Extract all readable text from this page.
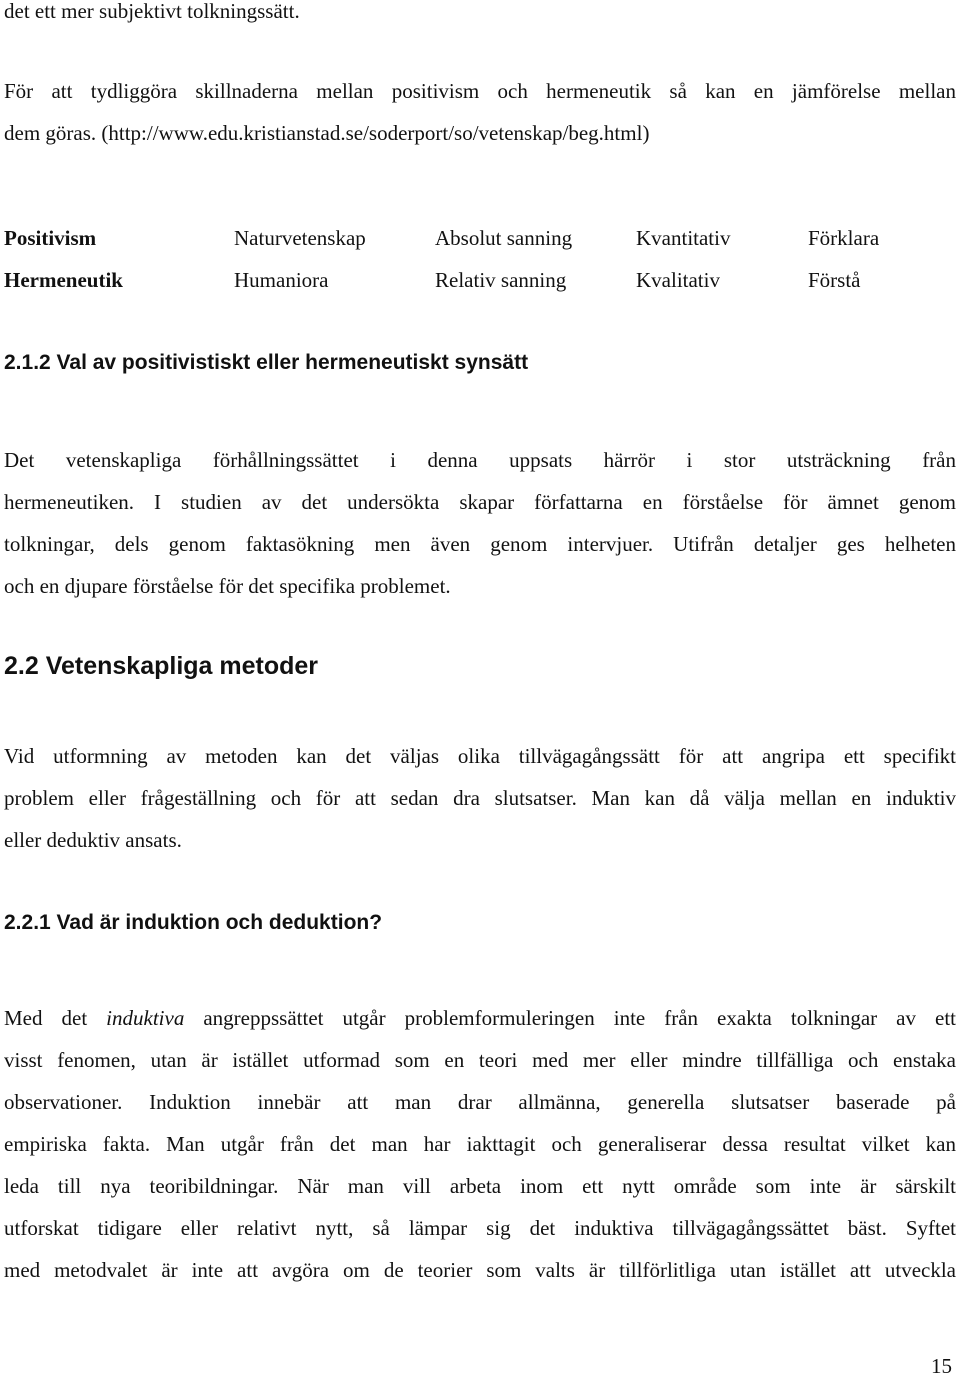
det ett mer subjektivt tolkningssätt.
För att tydliggöra skillnaderna mellan positivism och hermeneutik så kan en jämförelse mellan
dem göras. (http://www.edu.kristianstad.se/soderport/so/vetenskap/beg.html)
Positivism	Naturvetenskap	Absolut sanning	Kvantitativ	Förklara
Hermeneutik	Humaniora	Relativ sanning	Kvalitativ	Förstå
2.1.2 Val av positivistiskt eller hermeneutiskt synsätt
Det vetenskapliga förhållningssättet i denna uppsats härrör i stor utsträckning från
hermeneutiken. I studien av det undersökta skapar författarna en förståelse för ämnet genom
tolkningar, dels genom faktasökning men även genom intervjuer. Utifrån detaljer ges helheten
och en djupare förståelse för det specifika problemet.
2.2 Vetenskapliga metoder
Vid utformning av metoden kan det väljas olika tillvägagångssätt för att angripa ett specifikt
problem eller frågeställning och för att sedan dra slutsatser. Man kan då välja mellan en induktiv
eller deduktiv ansats.
2.2.1 Vad är induktion och deduktion?
Med det induktiva angreppssättet utgår problemformuleringen inte från exakta tolkningar av ett
visst fenomen, utan är istället utformad som en teori med mer eller mindre tillfälliga och enstaka
observationer. Induktion innebär att man drar allmänna, generella slutsatser baserade på
empiriska fakta. Man utgår från det man har iakttagit och generaliserar dessa resultat vilket kan
leda till nya teoribildningar. När man vill arbeta inom ett nytt område som inte är särskilt
utforskat tidigare eller relativt nytt, så lämpar sig det induktiva tillvägagångssättet bäst. Syftet
med metodvalet är inte att avgöra om de teorier som valts är tillförlitliga utan istället att utveckla
15
